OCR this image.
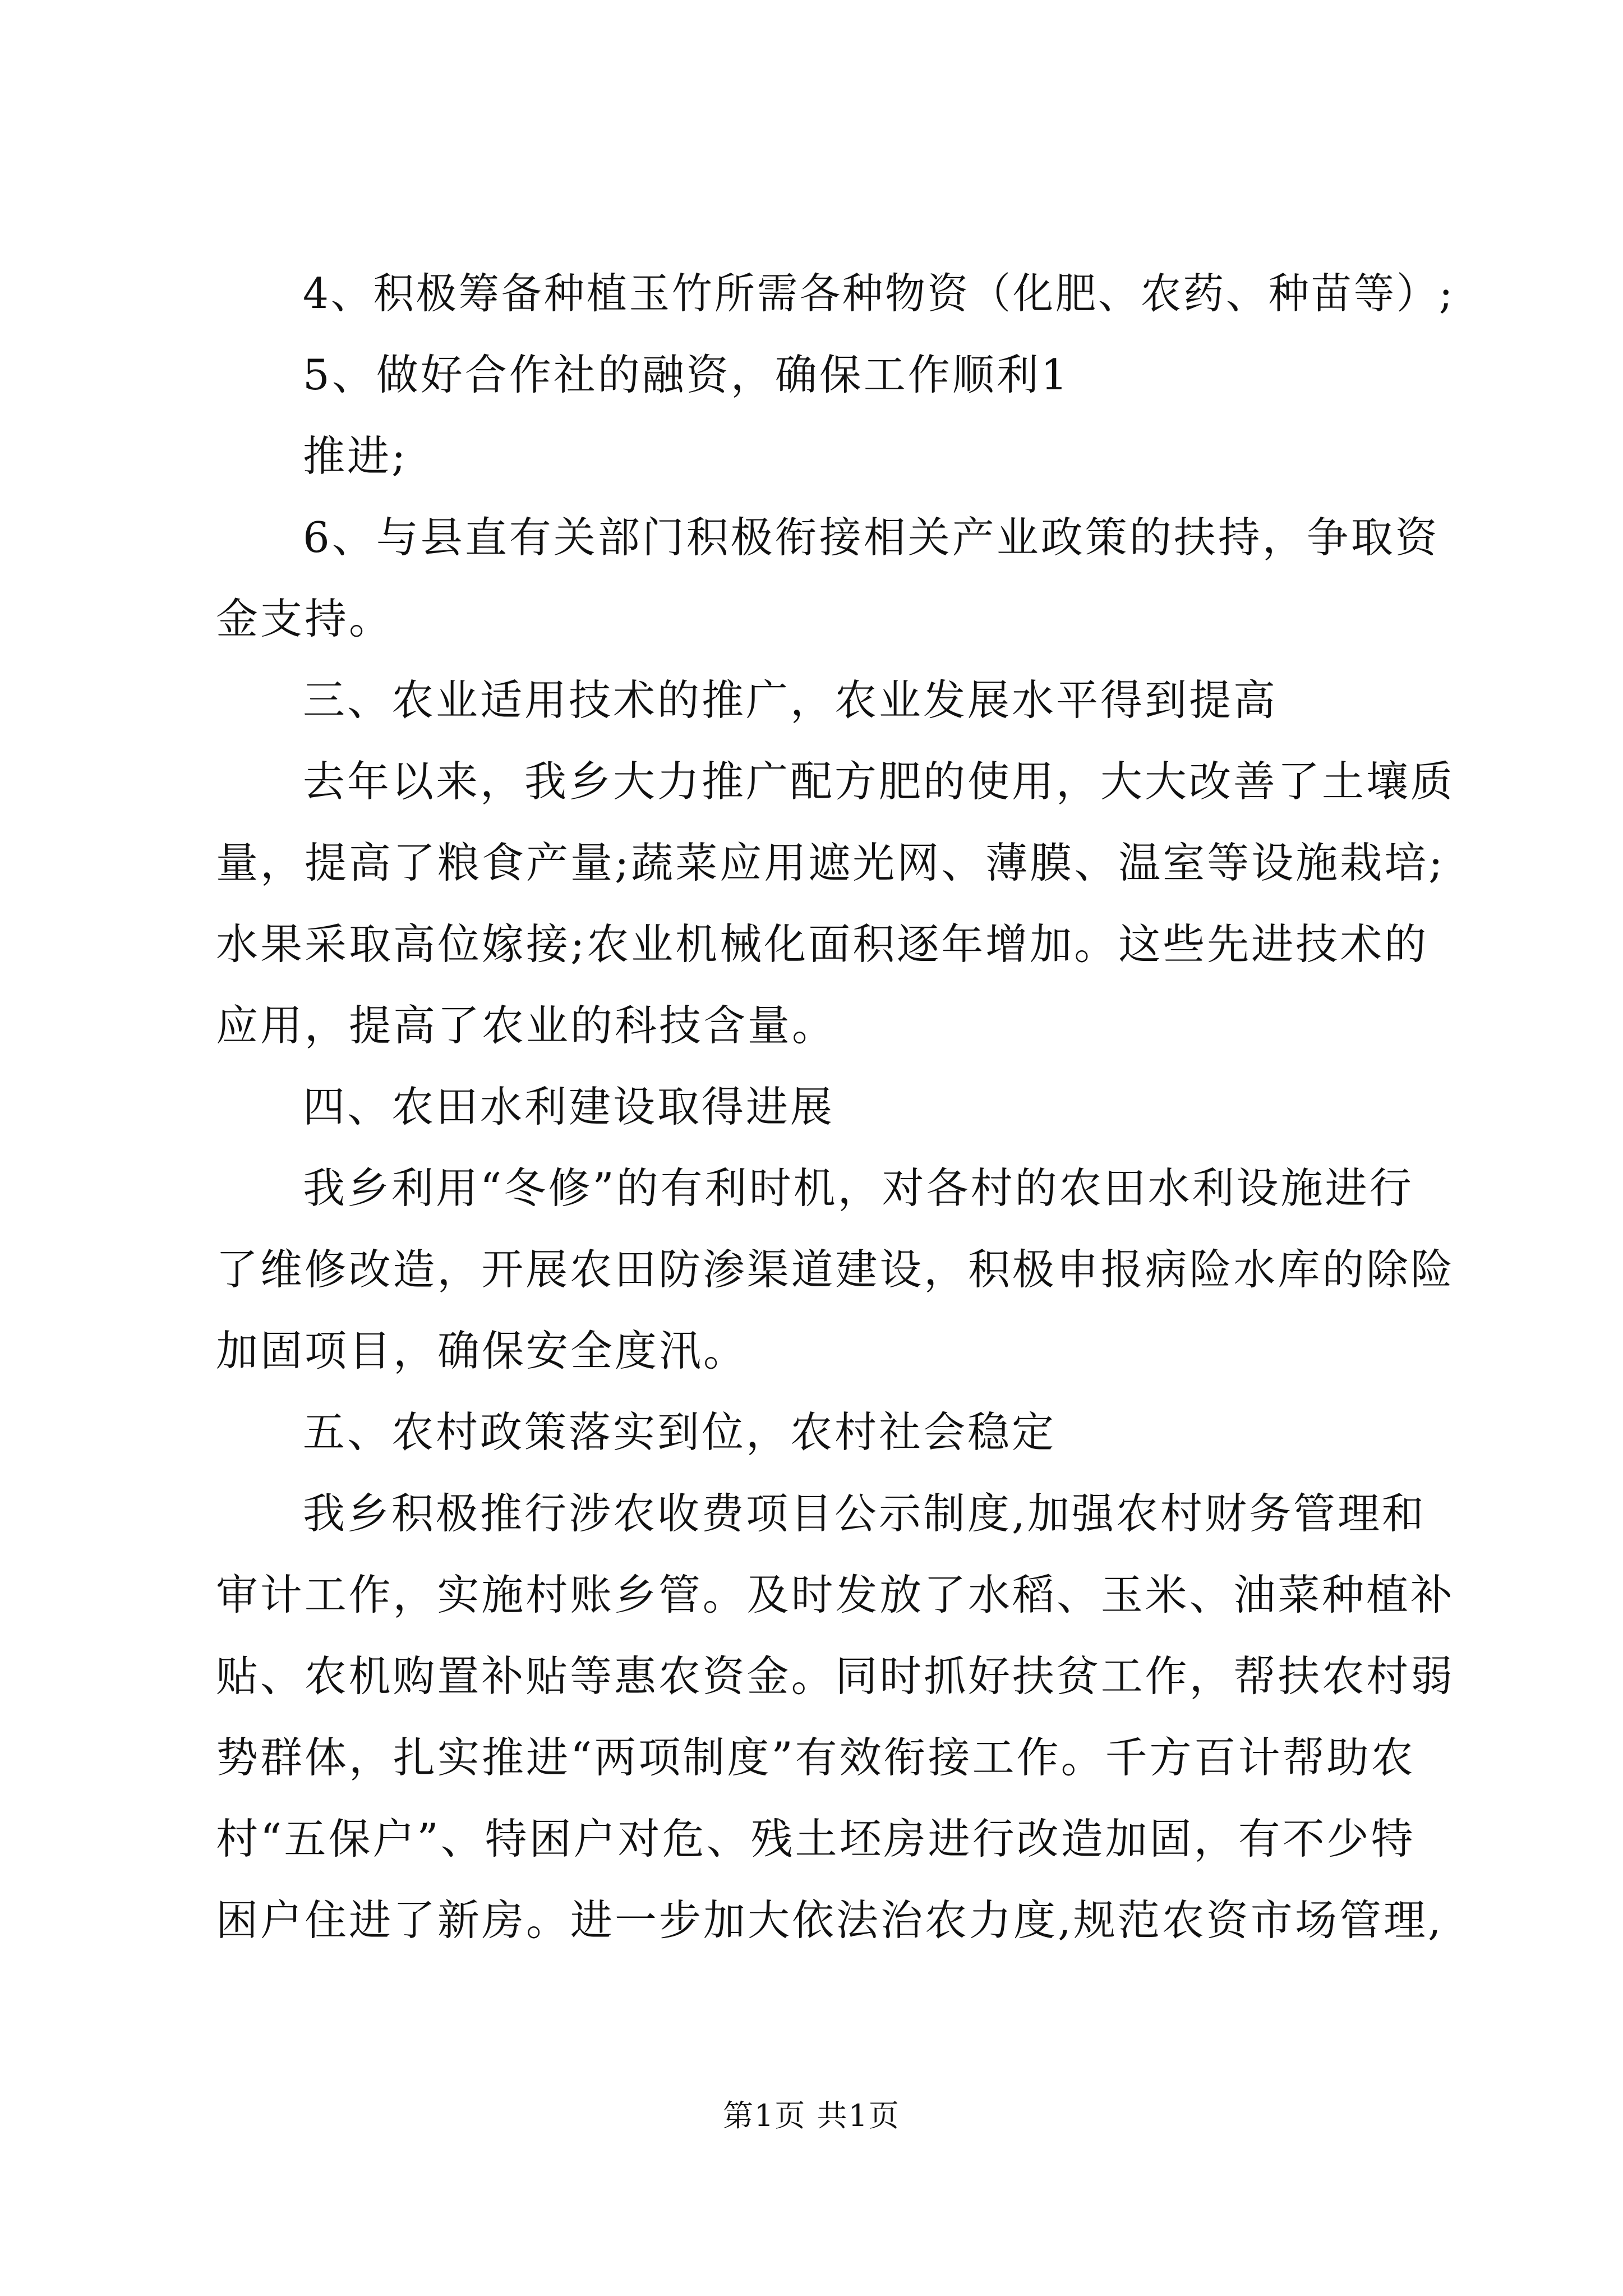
4、积极筹备种植玉竹所需各种物资（化肥、农药、种苗等）;
5、做好合作社的融资，确保工作顺利1
推进;
6、与县直有关部门积极衔接相关产业政策的扶持，争取资
金支持。
三、农业适用技术的推广，农业发展水平得到提高
去年以来，我乡大力推广配方肥的使用，大大改善了土壤质
量，提高了粮食产量;蔬菜应用遮光网、薄膜、温室等设施栽培;
水果采取高位嫁接;农业机械化面积逐年增加。这些先进技术的
应用，提高了农业的科技含量。
四、农田水利建设取得进展
我乡利用“冬修”的有利时机，对各村的农田水利设施进行
了维修改造，开展农田防渗渠道建设，积极申报病险水库的除险
加固项目，确保安全度汛。
五、农村政策落实到位，农村社会稳定
我乡积极推行涉农收费项目公示制度,加强农村财务管理和
审计工作，实施村账乡管。及时发放了水稻、玉米、油菜种植补
贴、农机购置补贴等惠农资金。同时抓好扶贫工作，帮扶农村弱
势群体，扎实推进“两项制度”有效衔接工作。千方百计帮助农
村“五保户”、特困户对危、残土坯房进行改造加固，有不少特
困户住进了新房。进一步加大依法治农力度,规范农资市场管理,
第1页 共1页
